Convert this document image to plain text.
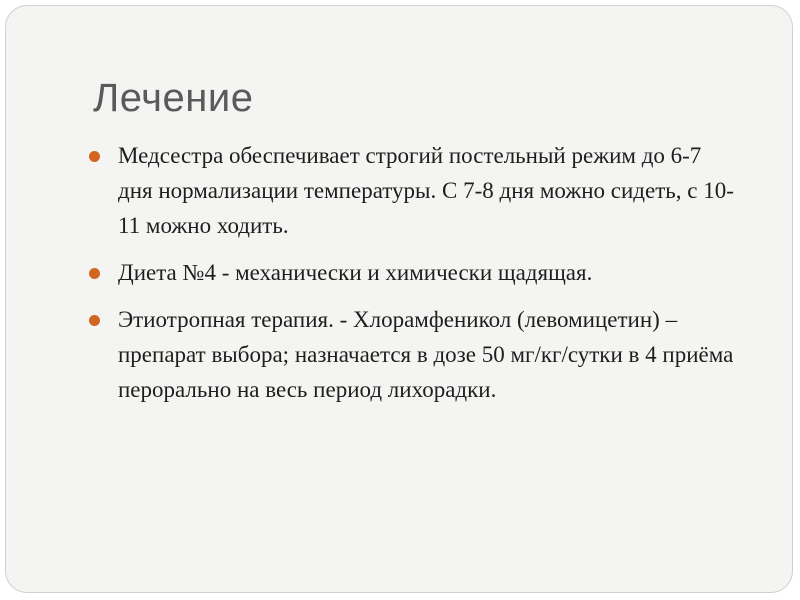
Лечение
Медсестра обеспечивает строгий постельный режим до 6-7 дня нормализации температуры. С 7-8 дня можно сидеть, с 10-11 можно ходить.
Диета №4 - механически и химически щадящая.
Этиотропная терапия. - Хлорамфеникол (левомицетин) – препарат выбора; назначается в дозе 50 мг/кг/сутки в 4 приёма перорально на весь период лихорадки.
